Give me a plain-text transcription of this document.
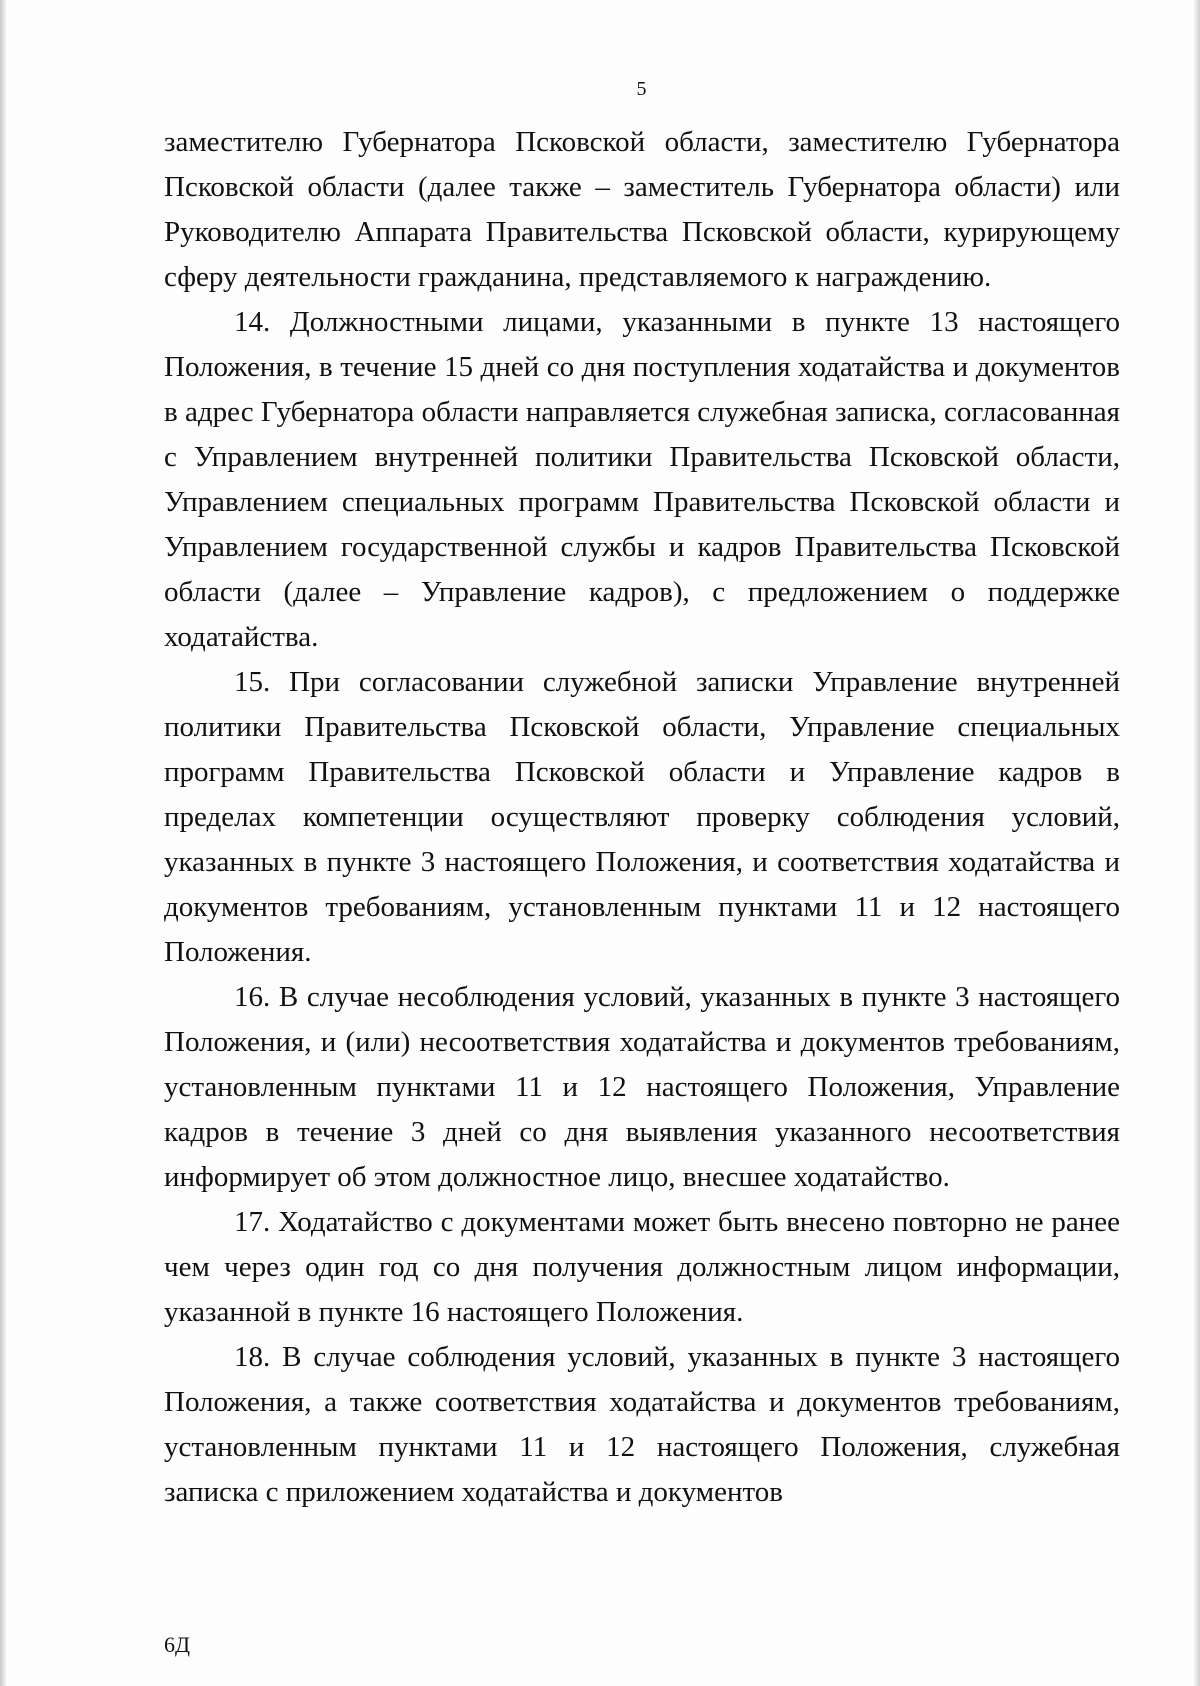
5

заместителю Губернатора Псковской области, заместителю Губернатора Псковской области (далее также – заместитель Губернатора области) или Руководителю Аппарата Правительства Псковской области, курирующему сферу деятельности гражданина, представляемого к награждению.

14. Должностными лицами, указанными в пункте 13 настоящего Положения, в течение 15 дней со дня поступления ходатайства и документов в адрес Губернатора области направляется служебная записка, согласованная с Управлением внутренней политики Правительства Псковской области, Управлением специальных программ Правительства Псковской области и Управлением государственной службы и кадров Правительства Псковской области (далее – Управление кадров), с предложением о поддержке ходатайства.

15. При согласовании служебной записки Управление внутренней политики Правительства Псковской области, Управление специальных программ Правительства Псковской области и Управление кадров в пределах компетенции осуществляют проверку соблюдения условий, указанных в пункте 3 настоящего Положения, и соответствия ходатайства и документов требованиям, установленным пунктами 11 и 12 настоящего Положения.

16. В случае несоблюдения условий, указанных в пункте 3 настоящего Положения, и (или) несоответствия ходатайства и документов требованиям, установленным пунктами 11 и 12 настоящего Положения, Управление кадров в течение 3 дней со дня выявления указанного несоответствия информирует об этом должностное лицо, внесшее ходатайство.

17. Ходатайство с документами может быть внесено повторно не ранее чем через один год со дня получения должностным лицом информации, указанной в пункте 16 настоящего Положения.

18. В случае соблюдения условий, указанных в пункте 3 настоящего Положения, а также соответствия ходатайства и документов требованиям, установленным пунктами 11 и 12 настоящего Положения, служебная записка с приложением ходатайства и документов

6Д
